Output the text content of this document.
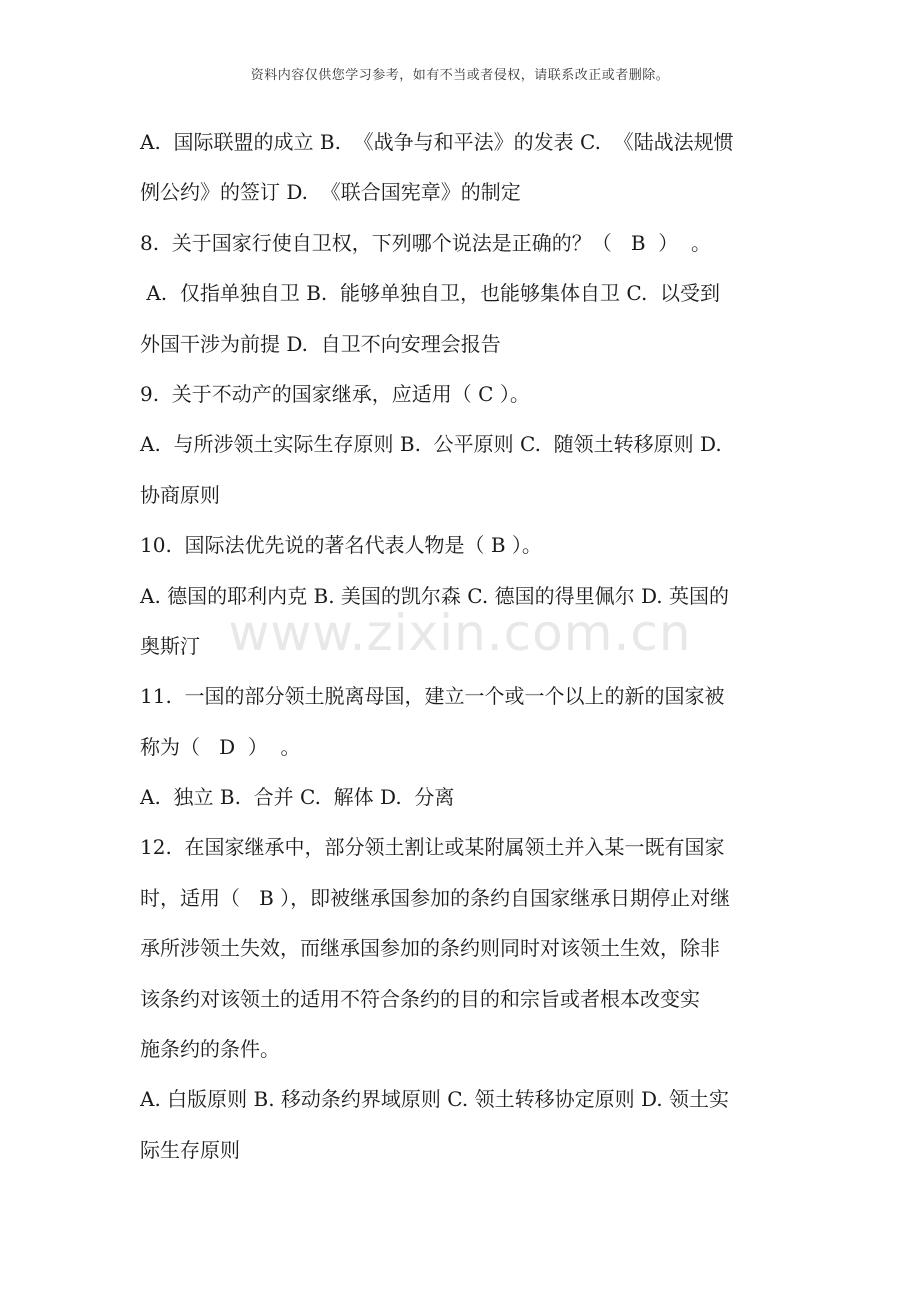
资料内容仅供您学习参考，如有不当或者侵权，请联系改正或者删除。
www.zixin.com.cn
A.  国际联盟的成立 B.  《战争与和平法》的发表 C.  《陆战法规惯
例公约》的签订 D.  《联合国宪章》的制定
8.  关于国家行使自卫权，下列哪个说法是正确的？（   B  ）  。
A.  仅指单独自卫 B.  能够单独自卫，也能够集体自卫 C.  以受到
外国干涉为前提 D.  自卫不向安理会报告
9.  关于不动产的国家继承，应适用（ C ）。
A.  与所涉领土实际生存原则 B.  公平原则 C.  随领土转移原则 D.
协商原则
10.  国际法优先说的著名代表人物是（ B ）。
A. 德国的耶利内克 B. 美国的凯尔森 C. 德国的得里佩尔 D. 英国的
奥斯汀
11.  一国的部分领土脱离母国，建立一个或一个以上的新的国家被
称为（   D  ）  。
A.  独立 B.  合并 C.  解体 D.  分离
12.  在国家继承中，部分领土割让或某附属领土并入某一既有国家
时，适用（   B ），即被继承国参加的条约自国家继承日期停止对继
承所涉领土失效，而继承国参加的条约则同时对该领土生效，除非
该条约对该领土的适用不符合条约的目的和宗旨或者根本改变实
施条约的条件。
A. 白版原则 B. 移动条约界域原则 C. 领土转移协定原则 D. 领土实
际生存原则
